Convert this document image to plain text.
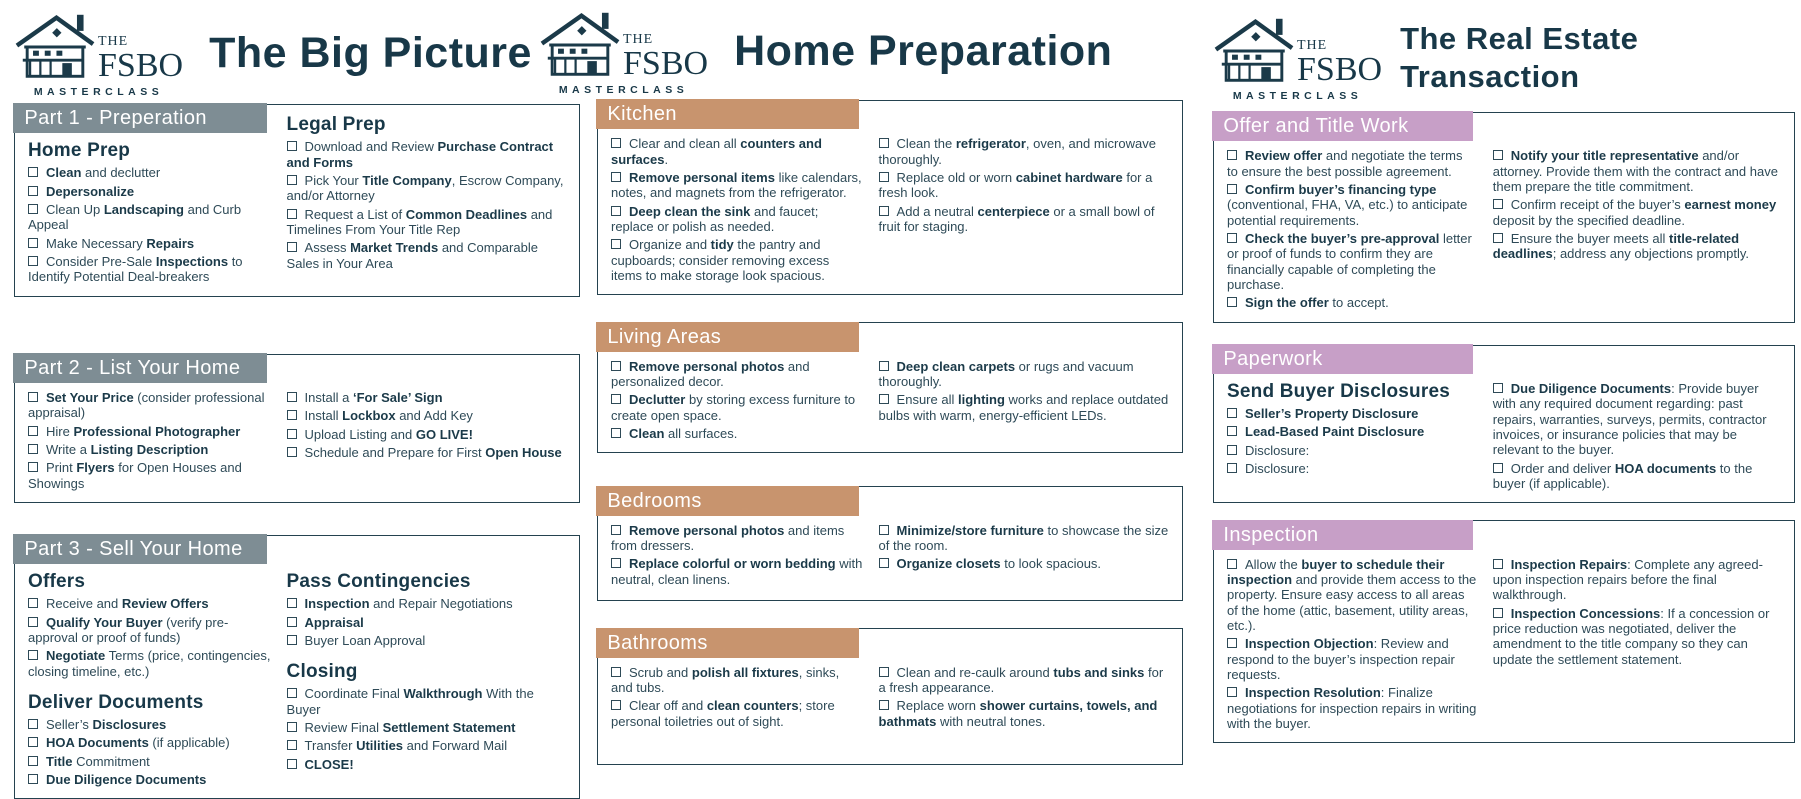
THE
FSBO
MASTERCLASS
The Big Picture
Part 1 - Preperation
Home Prep
Clean and declutter
Depersonalize
Clean Up Landscaping and Curb Appeal
Make Necessary Repairs
Consider Pre-Sale Inspections to Identify Potential Deal-breakers
Legal Prep
Download and Review Purchase Contract and Forms
Pick Your Title Company, Escrow Company, and/or Attorney
Request a List of Common Deadlines and Timelines From Your Title Rep
Assess Market Trends and Comparable Sales in Your Area
Part 2 - List Your Home
Set Your Price (consider professional appraisal)
Hire Professional Photographer
Write a Listing Description
Print Flyers for Open Houses and Showings
Install a ‘For Sale’ Sign
Install Lockbox and Add Key
Upload Listing and GO LIVE!
Schedule and Prepare for First Open House
Part 3 - Sell Your Home
Offers
Receive and Review Offers
Qualify Your Buyer (verify pre-approval or proof of funds)
Negotiate Terms (price, contingencies, closing timeline, etc.)
Deliver Documents
Seller’s Disclosures
HOA Documents (if applicable)
Title Commitment
Due Diligence Documents
Pass Contingencies
Inspection and Repair Negotiations
Appraisal
Buyer Loan Approval
Closing
Coordinate Final Walkthrough With the Buyer
Review Final Settlement Statement
Transfer Utilities and Forward Mail
CLOSE!
THE
FSBO
MASTERCLASS
Home Preparation
Kitchen
Clear and clean all counters and surfaces.
Remove personal items like calendars, notes, and magnets from the refrigerator.
Deep clean the sink and faucet; replace or polish as needed.
Organize and tidy the pantry and cupboards; consider removing excess items to make storage look spacious.
Clean the refrigerator, oven, and microwave thoroughly.
Replace old or worn cabinet hardware for a fresh look.
Add a neutral centerpiece or a small bowl of fruit for staging.
Living Areas
Remove personal photos and personalized decor.
Declutter by storing excess furniture to create open space.
Clean all surfaces.
Deep clean carpets or rugs and vacuum thoroughly.
Ensure all lighting works and replace outdated bulbs with warm, energy-efficient LEDs.
Bedrooms
Remove personal photos and items from dressers.
Replace colorful or worn bedding with neutral, clean linens.
Minimize/store furniture to showcase the size of the room.
Organize closets to look spacious.
Bathrooms
Scrub and polish all fixtures, sinks, and tubs.
Clear off and clean counters; store personal toiletries out of sight.
Clean and re-caulk around tubs and sinks for a fresh appearance.
Replace worn shower curtains, towels, and bathmats with neutral tones.
THE
FSBO
MASTERCLASS
The Real Estate Transaction
Offer and Title Work
Review offer and negotiate the terms to ensure the best possible agreement.
Confirm buyer’s financing type (conventional, FHA, VA, etc.) to anticipate potential requirements.
Check the buyer’s pre-approval letter or proof of funds to confirm they are financially capable of completing the purchase.
Sign the offer to accept.
Notify your title representative and/or attorney. Provide them with the contract and have them prepare the title commitment.
Confirm receipt of the buyer’s earnest money deposit by the specified deadline.
Ensure the buyer meets all title-related deadlines; address any objections promptly.
Paperwork
Send Buyer Disclosures
Seller’s Property Disclosure
Lead-Based Paint Disclosure
Disclosure:
Disclosure:
Due Diligence Documents: Provide buyer with any required document regarding: past repairs, warranties, surveys, permits, contractor invoices, or insurance policies that may be relevant to the buyer.
Order and deliver HOA documents to the buyer (if applicable).
Inspection
Allow the buyer to schedule their inspection and provide them access to the property. Ensure easy access to all areas of the home (attic, basement, utility areas, etc.).
Inspection Objection: Review and respond to the buyer’s inspection repair requests.
Inspection Resolution: Finalize negotiations for inspection repairs in writing with the buyer.
Inspection Repairs: Complete any agreed-upon inspection repairs before the final walkthrough.
Inspection Concessions: If a concession or price reduction was negotiated, deliver the amendment to the title company so they can update the settlement statement.
